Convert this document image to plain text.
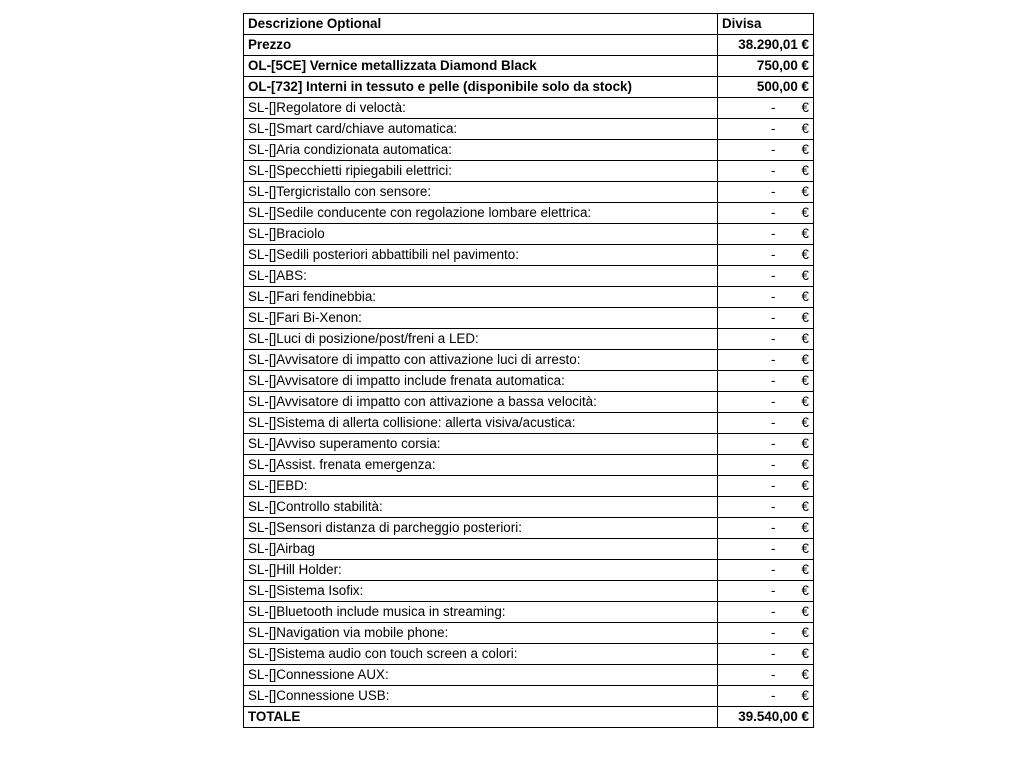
Descrizione Optional	Divisa
Prezzo	38.290,01 €
OL-[5CE] Vernice metallizzata Diamond Black	750,00 €
OL-[732] Interni in tessuto e pelle (disponibile solo da stock)	500,00 €
SL-[]Regolatore di veloctà:	- €
SL-[]Smart card/chiave automatica:	- €
SL-[]Aria condizionata automatica:	- €
SL-[]Specchietti ripiegabili elettrici:	- €
SL-[]Tergicristallo con sensore:	- €
SL-[]Sedile conducente con regolazione lombare elettrica:	- €
SL-[]Braciolo	- €
SL-[]Sedili posteriori abbattibili nel pavimento:	- €
SL-[]ABS:	- €
SL-[]Fari fendinebbia:	- €
SL-[]Fari Bi-Xenon:	- €
SL-[]Luci di posizione/post/freni a LED:	- €
SL-[]Avvisatore di impatto con attivazione luci di arresto:	- €
SL-[]Avvisatore di impatto include frenata automatica:	- €
SL-[]Avvisatore di impatto con attivazione a bassa velocità:	- €
SL-[]Sistema di allerta collisione: allerta visiva/acustica:	- €
SL-[]Avviso superamento corsia:	- €
SL-[]Assist. frenata emergenza:	- €
SL-[]EBD:	- €
SL-[]Controllo stabilità:	- €
SL-[]Sensori distanza di parcheggio posteriori:	- €
SL-[]Airbag	- €
SL-[]Hill Holder:	- €
SL-[]Sistema Isofix:	- €
SL-[]Bluetooth include musica in streaming:	- €
SL-[]Navigation via mobile phone:	- €
SL-[]Sistema audio con touch screen a colori:	- €
SL-[]Connessione AUX:	- €
SL-[]Connessione USB:	- €
TOTALE	39.540,00 €
